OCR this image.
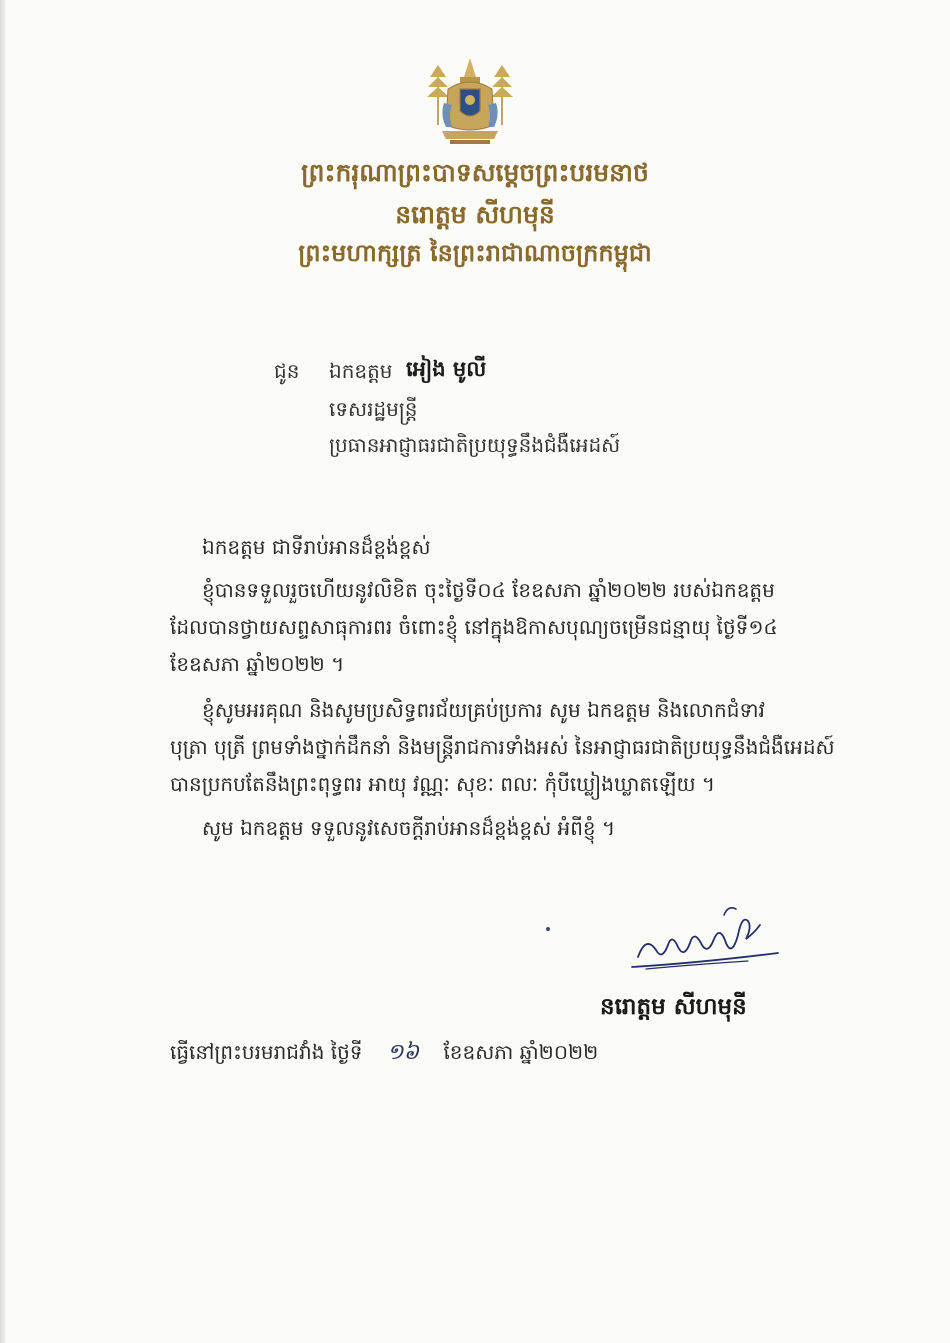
ព្រះករុណាព្រះបាទសម្ដេចព្រះបរមនាថ
នរោត្តម សីហមុនី
ព្រះមហាក្សត្រ នៃព្រះរាជាណាចក្រកម្ពុជា
ជូន ឯកឧត្តម អៀង មូលី
ទេសរដ្ឋមន្ត្រី
ប្រធានអាជ្ញាធរជាតិប្រយុទ្ធនឹងជំងឺអេដស៍
ឯកឧត្តម ជាទីរាប់អានដ៏ខ្ពង់ខ្ពស់
ខ្ញុំបានទទួលរួចហើយនូវលិខិត ចុះថ្ងៃទី០៤ ខែឧសភា ឆ្នាំ២០២២ របស់ឯកឧត្តម
ដែលបានថ្វាយសព្ទសាធុការពរ ចំពោះខ្ញុំ នៅក្នុងឱកាសបុណ្យចម្រើនជន្មាយុ ថ្ងៃទី១៤
ខែឧសភា ឆ្នាំ២០២២ ។
ខ្ញុំសូមអរគុណ និងសូមប្រសិទ្ធពរជ័យគ្រប់ប្រការ សូម ឯកឧត្តម និងលោកជំទាវ
បុត្រា បុត្រី ព្រមទាំងថ្នាក់ដឹកនាំ និងមន្ត្រីរាជការទាំងអស់ នៃអាជ្ញាធរជាតិប្រយុទ្ធនឹងជំងឺអេដស៍
បានប្រកបតែនឹងព្រះពុទ្ធពរ អាយុ វណ្ណៈ សុខៈ ពលៈ កុំបីឃ្លៀងឃ្លាតឡើយ ។
សូម ឯកឧត្តម ទទួលនូវសេចក្ដីរាប់អានដ៏ខ្ពង់ខ្ពស់ អំពីខ្ញុំ ។
នរោត្តម សីហមុនី
ធ្វើនៅព្រះបរមរាជវាំង ថ្ងៃទី ១៦ ខែឧសភា ឆ្នាំ២០២២
